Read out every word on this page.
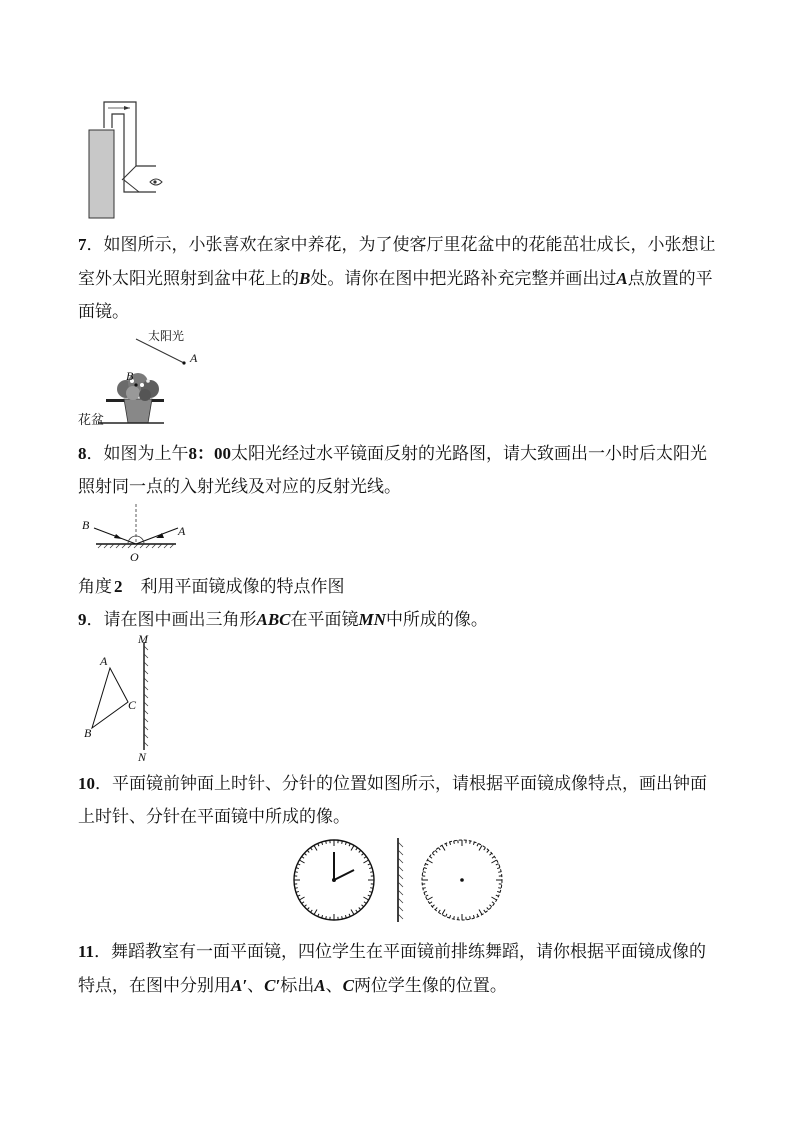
7．如图所示，小张喜欢在家中养花，为了使客厅里花盆中的花能茁壮成长，小张想让室外太阳光照射到盆中花上的B处。请你在图中把光路补充完整并画出过A点放置的平面镜。
太阳光
A
B
花盆
8．如图为上午8：00太阳光经过水平镜面反射的光路图，请大致画出一小时后太阳光照射同一点的入射光线及对应的反射光线。
B	A
O
角度 2 利用平面镜成像的特点作图
9．请在图中画出三角形ABC在平面镜MN中所成的像。
M
N
A
B
C
10．平面镜前钟面上时针、分针的位置如图所示，请根据平面镜成像特点，画出钟面上时针、分针在平面镜中所成的像。
11．舞蹈教室有一面平面镜，四位学生在平面镜前排练舞蹈，请你根据平面镜成像的特点，在图中分别用A′、C′标出A、C两位学生像的位置。
